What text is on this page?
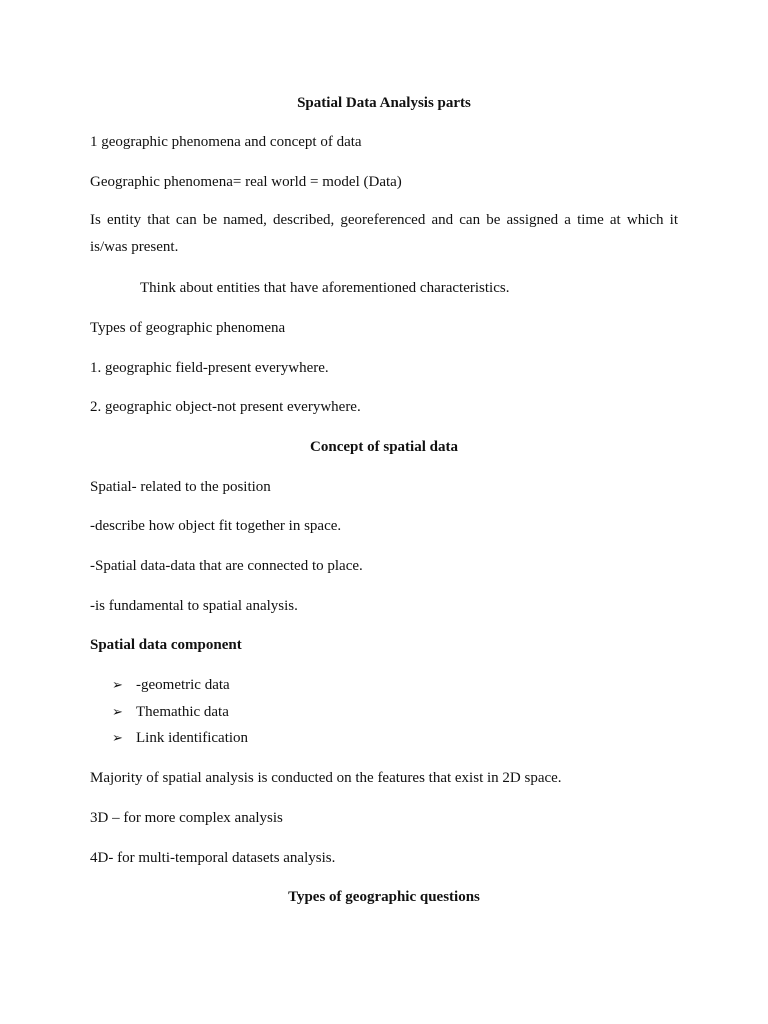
Spatial Data Analysis parts
1 geographic phenomena and concept of data
Geographic phenomena= real world = model (Data)
Is entity that can be named, described, georeferenced and can be assigned a time at which it is/was present.
Think about entities that have aforementioned characteristics.
Types of geographic phenomena
1. geographic field-present everywhere.
2. geographic object-not present everywhere.
Concept of spatial data
Spatial- related to the position
-describe how object fit together in space.
-Spatial data-data that are connected to place.
-is fundamental to spatial analysis.
Spatial data component
➢ -geometric data
➢ Themathic data
➢ Link identification
Majority of spatial analysis is conducted on the features that exist in 2D space.
3D – for more complex analysis
4D- for multi-temporal datasets analysis.
Types of geographic questions
